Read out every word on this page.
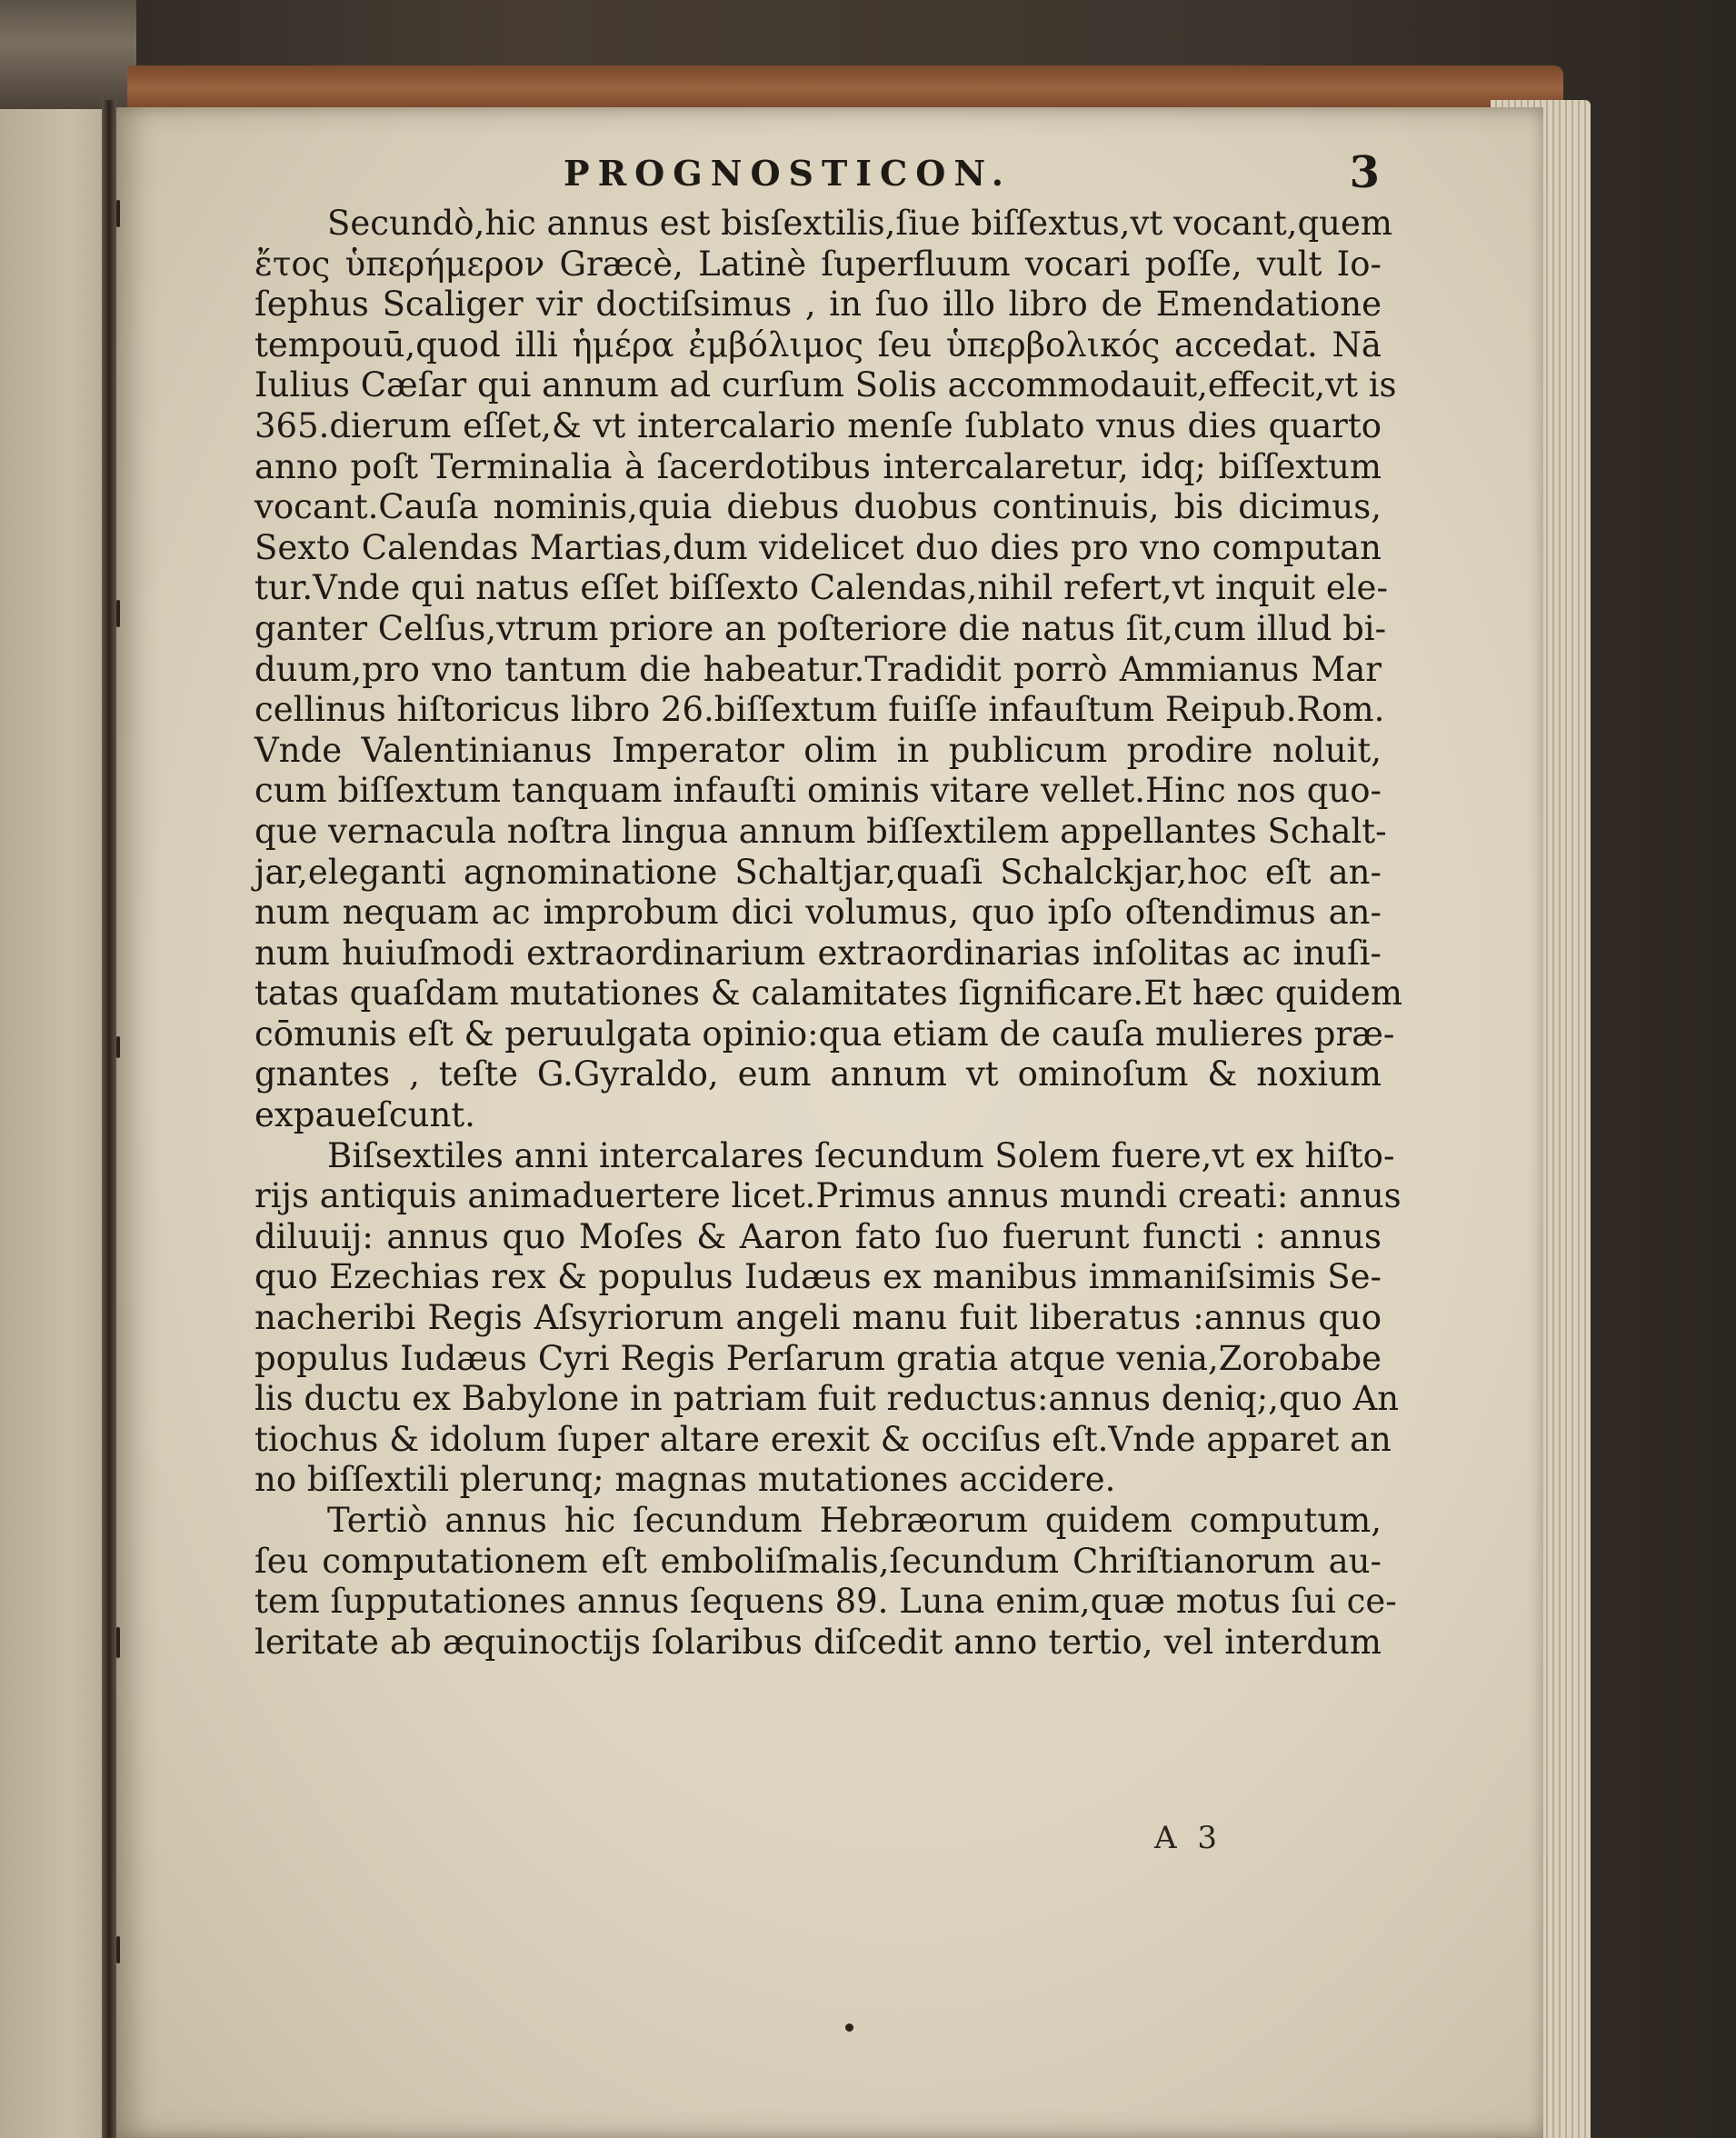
PROGNOSTICON.	3
Secundò,hic annus est bisſextilis,ſiue biſſextus,vt vocant,quem
ἔτος ὑπερήμερον Græcè, Latinè ſuperfluum vocari poſſe, vult Io-
ſephus Scaliger vir doctiſsimus , in ſuo illo libro de Emendatione
tempouū,quod illi ἡμέρα ἐμβόλιμος ſeu ὑπερβολικός accedat. Nā
Iulius Cæſar qui annum ad curſum Solis accommodauit,effecit,vt is
365.dierum eſſet,& vt intercalario menſe ſublato vnus dies quarto
anno poſt Terminalia à ſacerdotibus intercalaretur, idq; biſſextum
vocant.Cauſa nominis,quia diebus duobus continuis, bis dicimus,
Sexto Calendas Martias,dum videlicet duo dies pro vno computan
tur.Vnde qui natus eſſet biſſexto Calendas,nihil refert,vt inquit ele-
ganter Celſus,vtrum priore an poſteriore die natus ſit,cum illud bi-
duum,pro vno tantum die habeatur.Tradidit porrò Ammianus Mar
cellinus hiſtoricus libro 26.biſſextum fuiſſe infauſtum Reipub.Rom.
Vnde Valentinianus Imperator olim in publicum prodire noluit,
cum biſſextum tanquam infauſti ominis vitare vellet.Hinc nos quo-
que vernacula noſtra lingua annum biſſextilem appellantes Schalt-
jar,eleganti agnominatione Schaltjar,quaſi Schalckjar,hoc eſt an-
num nequam ac improbum dici volumus, quo ipſo oſtendimus an-
num huiuſmodi extraordinarium extraordinarias inſolitas ac inuſi-
tatas quaſdam mutationes & calamitates ſignificare.Et hæc quidem
cōmunis eſt & peruulgata opinio:qua etiam de cauſa mulieres præ-
gnantes , teſte G.Gyraldo, eum annum vt ominoſum & noxium
expaueſcunt.
Biſsextiles anni intercalares ſecundum Solem fuere,vt ex hiſto-
rijs antiquis animaduertere licet.Primus annus mundi creati: annus
diluuij: annus quo Moſes & Aaron fato ſuo fuerunt functi : annus
quo Ezechias rex & populus Iudæus ex manibus immaniſsimis Se-
nacheribi Regis Aſsyriorum angeli manu fuit liberatus :annus quo
populus Iudæus Cyri Regis Perſarum gratia atque venia,Zorobabe
lis ductu ex Babylone in patriam fuit reductus:annus deniq;,quo An
tiochus & idolum ſuper altare erexit & occiſus eſt.Vnde apparet an
no biſſextili plerunq; magnas mutationes accidere.
Tertiò annus hic ſecundum Hebræorum quidem computum,
ſeu computationem eſt emboliſmalis,ſecundum Chriſtianorum au-
tem ſupputationes annus ſequens 89. Luna enim,quæ motus ſui ce-
leritate ab æquinoctijs ſolaribus diſcedit anno tertio, vel interdum
A 3
